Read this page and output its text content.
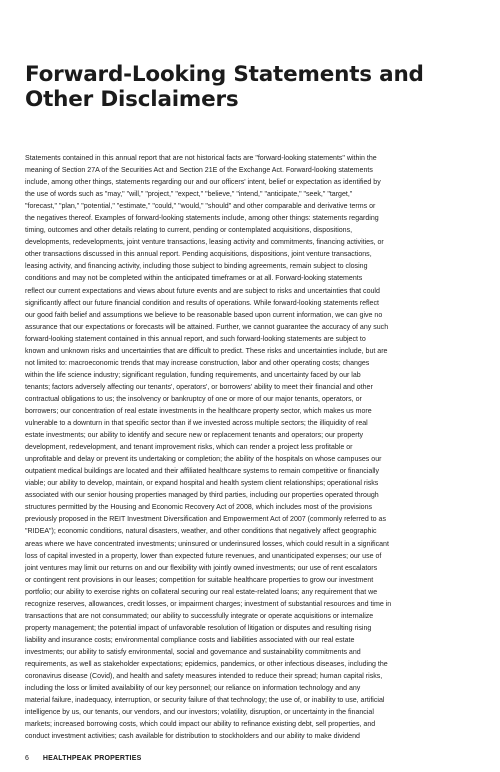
Forward-Looking Statements and
Other Disclaimers
Statements contained in this annual report that are not historical facts are "forward-looking statements" within the
meaning of Section 27A of the Securities Act and Section 21E of the Exchange Act. Forward-looking statements
include, among other things, statements regarding our and our officers' intent, belief or expectation as identified by
the use of words such as "may," "will," "project," "expect," "believe," "intend," "anticipate," "seek," "target,"
"forecast," "plan," "potential," "estimate," "could," "would," "should" and other comparable and derivative terms or
the negatives thereof. Examples of forward-looking statements include, among other things: statements regarding
timing, outcomes and other details relating to current, pending or contemplated acquisitions, dispositions,
developments, redevelopments, joint venture transactions, leasing activity and commitments, financing activities, or
other transactions discussed in this annual report. Pending acquisitions, dispositions, joint venture transactions,
leasing activity, and financing activity, including those subject to binding agreements, remain subject to closing
conditions and may not be completed within the anticipated timeframes or at all. Forward-looking statements
reflect our current expectations and views about future events and are subject to risks and uncertainties that could
significantly affect our future financial condition and results of operations. While forward-looking statements reflect
our good faith belief and assumptions we believe to be reasonable based upon current information, we can give no
assurance that our expectations or forecasts will be attained. Further, we cannot guarantee the accuracy of any such
forward-looking statement contained in this annual report, and such forward-looking statements are subject to
known and unknown risks and uncertainties that are difficult to predict. These risks and uncertainties include, but are
not limited to: macroeconomic trends that may increase construction, labor and other operating costs; changes
within the life science industry; significant regulation, funding requirements, and uncertainty faced by our lab
tenants; factors adversely affecting our tenants', operators', or borrowers' ability to meet their financial and other
contractual obligations to us; the insolvency or bankruptcy of one or more of our major tenants, operators, or
borrowers; our concentration of real estate investments in the healthcare property sector, which makes us more
vulnerable to a downturn in that specific sector than if we invested across multiple sectors; the illiquidity of real
estate investments; our ability to identify and secure new or replacement tenants and operators; our property
development, redevelopment, and tenant improvement risks, which can render a project less profitable or
unprofitable and delay or prevent its undertaking or completion; the ability of the hospitals on whose campuses our
outpatient medical buildings are located and their affiliated healthcare systems to remain competitive or financially
viable; our ability to develop, maintain, or expand hospital and health system client relationships; operational risks
associated with our senior housing properties managed by third parties, including our properties operated through
structures permitted by the Housing and Economic Recovery Act of 2008, which includes most of the provisions
previously proposed in the REIT Investment Diversification and Empowerment Act of 2007 (commonly referred to as
"RIDEA"); economic conditions, natural disasters, weather, and other conditions that negatively affect geographic
areas where we have concentrated investments; uninsured or underinsured losses, which could result in a significant
loss of capital invested in a property, lower than expected future revenues, and unanticipated expenses; our use of
joint ventures may limit our returns on and our flexibility with jointly owned investments; our use of rent escalators
or contingent rent provisions in our leases; competition for suitable healthcare properties to grow our investment
portfolio; our ability to exercise rights on collateral securing our real estate-related loans; any requirement that we
recognize reserves, allowances, credit losses, or impairment charges; investment of substantial resources and time in
transactions that are not consummated; our ability to successfully integrate or operate acquisitions or internalize
property management; the potential impact of unfavorable resolution of litigation or disputes and resulting rising
liability and insurance costs; environmental compliance costs and liabilities associated with our real estate
investments; our ability to satisfy environmental, social and governance and sustainability commitments and
requirements, as well as stakeholder expectations; epidemics, pandemics, or other infectious diseases, including the
coronavirus disease (Covid), and health and safety measures intended to reduce their spread; human capital risks,
including the loss or limited availability of our key personnel; our reliance on information technology and any
material failure, inadequacy, interruption, or security failure of that technology; the use of, or inability to use, artificial
intelligence by us, our tenants, our vendors, and our investors; volatility, disruption, or uncertainty in the financial
markets; increased borrowing costs, which could impact our ability to refinance existing debt, sell properties, and
conduct investment activities; cash available for distribution to stockholders and our ability to make dividend
6 HEALTHPEAK PROPERTIES
